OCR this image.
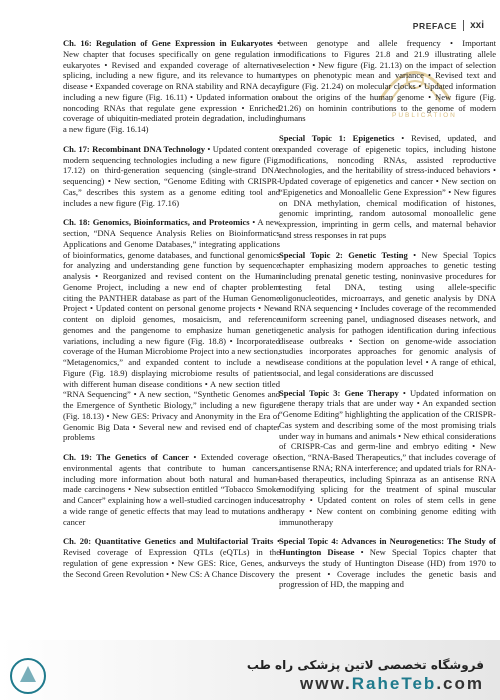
PREFACE xxi
PUBLICATION

Ch. 16: Regulation of Gene Expression in Eukaryotes • New chapter that focuses specifically on gene regulation in eukaryotes • Revised and expanded coverage of alternative splicing, including a new figure, and its relevance to human disease • Expanded coverage on RNA stability and RNA decay including a new figure (Fig. 16.11) • Updated information on noncoding RNAs that regulate gene expression • Enriched coverage of ubiquitin-mediated protein degradation, including a new figure (Fig. 16.14)

Ch. 17: Recombinant DNA Technology • Updated content on modern sequencing technologies including a new figure (Fig. 17.12) on third-generation sequencing (single-strand DNA sequencing) • New section, “Genome Editing with CRISPR-Cas,” describes this system as a genome editing tool and includes a new figure (Fig. 17.16)

Ch. 18: Genomics, Bioinformatics, and Proteomics • A new section, “DNA Sequence Analysis Relies on Bioinformatics Applications and Genome Databases,” integrating applications of bioinformatics, genome databases, and functional genomics for analyzing and understanding gene function by sequence analysis • Reorganized and revised content on the Human Genome Project, including a new end of chapter problem citing the PANTHER database as part of the Human Genome Project • Updated content on personal genome projects • New content on diploid genomes, mosaicism, and reference genomes and the pangenome to emphasize human genetic variations, including a new figure (Fig. 18.8) • Incorporated coverage of the Human Microbiome Project into a new section, “Metagenomics,” and expanded content to include a new Figure (Fig. 18.9) displaying microbiome results of patients with different human disease conditions • A new section titled “RNA Sequencing” • A new section, “Synthetic Genomes and the Emergence of Synthetic Biology,” including a new figure (Fig. 18.13) • New GES: Privacy and Anonymity in the Era of Genomic Big Data • Several new and revised end of chapter problems

Ch. 19: The Genetics of Cancer • Extended coverage of environmental agents that contribute to human cancers, including more information about both natural and human-made carcinogens • New subsection entitled “Tobacco Smoke and Cancer” explaining how a well-studied carcinogen induces a wide range of genetic effects that may lead to mutations and cancer

Ch. 20: Quantitative Genetics and Multifactorial Traits • Revised coverage of Expression QTLs (eQTLs) in the regulation of gene expression • New GES: Rice, Genes, and the Second Green Revolution • New CS: A Chance Discovery

between genotype and allele frequency • Important modifications to Figures 21.8 and 21.9 illustrating allele selection • New figure (Fig. 21.13) on the impact of selection types on phenotypic mean and variance • Revised text and figure (Fig. 21.24) on molecular clocks • Updated information about the origins of the human genome • New figure (Fig. 21.26) on hominin contributions to the genome of modern humans

Special Topic 1: Epigenetics • Revised, updated, and expanded coverage of epigenetic topics, including histone modifications, noncoding RNAs, assisted reproductive technologies, and the heritability of stress-induced behaviors • Updated coverage of epigenetics and cancer • New section on “Epigenetics and Monoallelic Gene Expression” • New figures on DNA methylation, chemical modification of histones, genomic imprinting, random autosomal monoallelic gene expression, imprinting in germ cells, and maternal behavior and stress responses in rat pups

Special Topic 2: Genetic Testing • New Special Topics chapter emphasizing modern approaches to genetic testing including prenatal genetic testing, noninvasive procedures for testing fetal DNA, testing using allele-specific oligonucleotides, microarrays, and genetic analysis by DNA and RNA sequencing • Includes coverage of the recommended uniform screening panel, undiagnosed diseases network, and genetic analysis for pathogen identification during infectious disease outbreaks • Section on genome-wide association studies incorporates approaches for genomic analysis of disease conditions at the population level • A range of ethical, social, and legal considerations are discussed

Special Topic 3: Gene Therapy • Updated information on gene therapy trials that are under way • An expanded section “Genome Editing” highlighting the application of the CRISPR-Cas system and describing some of the most promising trials under way in humans and animals • New ethical considerations of CRISPR-Cas and germ-line and embryo editing • New section, “RNA-Based Therapeutics,” that includes coverage of antisense RNA; RNA interference; and updated trials for RNA-based therapeutics, including Spinraza as an antisense RNA modifying splicing for the treatment of spinal muscular atrophy • Updated content on roles of stem cells in gene therapy • New content on combining genome editing with immunotherapy

Special Topic 4: Advances in Neurogenetics: The Study of Huntington Disease • New Special Topics chapter that surveys the study of Huntington Disease (HD) from 1970 to the present • Coverage includes the genetic basis and progression of HD, the mapping and

فروشگاه تخصصی لاتین پزشکی راه طب
www.RaheTeb.com
